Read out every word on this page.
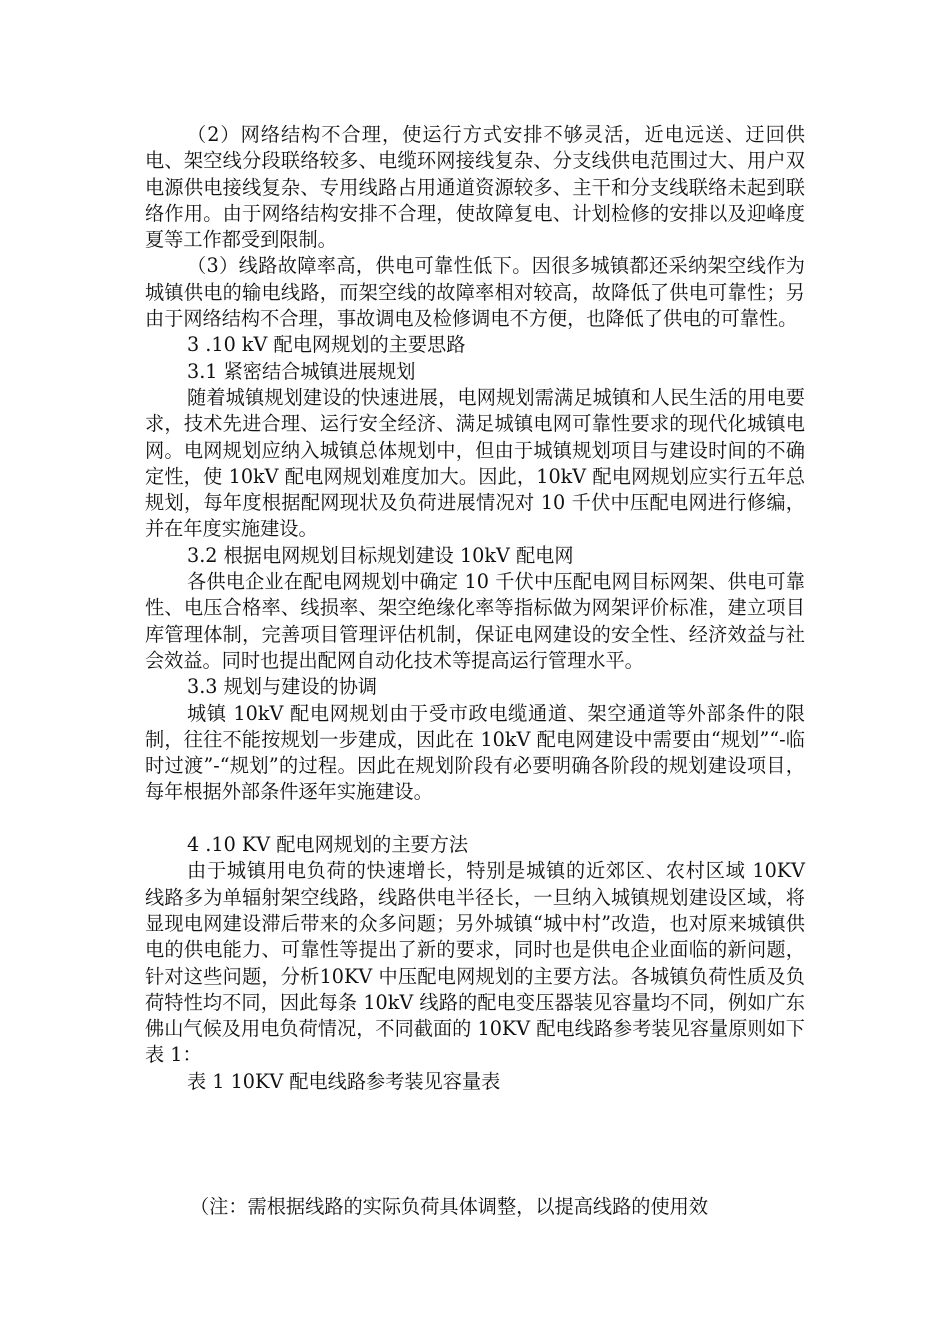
（2）网络结构不合理，使运行方式安排不够灵活，近电远送、迂回供电、架空线分段联络较多、电缆环网接线复杂、分支线供电范围过大、用户双电源供电接线复杂、专用线路占用通道资源较多、主干和分支线联络未起到联络作用。由于网络结构安排不合理，使故障复电、计划检修的安排以及迎峰度夏等工作都受到限制。

（3）线路故障率高，供电可靠性低下。因很多城镇都还采纳架空线作为城镇供电的输电线路，而架空线的故障率相对较高，故降低了供电可靠性；另由于网络结构不合理，事故调电及检修调电不方便，也降低了供电的可靠性。

3 .10 kV 配电网规划的主要思路

3.1 紧密结合城镇进展规划

随着城镇规划建设的快速进展，电网规划需满足城镇和人民生活的用电要求，技术先进合理、运行安全经济、满足城镇电网可靠性要求的现代化城镇电网。电网规划应纳入城镇总体规划中，但由于城镇规划项目与建设时间的不确定性，使 10kV 配电网规划难度加大。因此，10kV 配电网规划应实行五年总规划，每年度根据配网现状及负荷进展情况对 10 千伏中压配电网进行修编，并在年度实施建设。

3.2 根据电网规划目标规划建设 10kV 配电网

各供电企业在配电网规划中确定 10 千伏中压配电网目标网架、供电可靠性、电压合格率、线损率、架空绝缘化率等指标做为网架评价标准，建立项目库管理体制，完善项目管理评估机制，保证电网建设的安全性、经济效益与社会效益。同时也提出配网自动化技术等提高运行管理水平。

3.3 规划与建设的协调

城镇 10kV 配电网规划由于受市政电缆通道、架空通道等外部条件的限制，往往不能按规划一步建成，因此在 10kV 配电网建设中需要由“规划”“-临时过渡”-“规划”的过程。因此在规划阶段有必要明确各阶段的规划建设项目，每年根据外部条件逐年实施建设。

4 .10 KV 配电网规划的主要方法

由于城镇用电负荷的快速增长，特别是城镇的近郊区、农村区域 10KV 线路多为单辐射架空线路，线路供电半径长，一旦纳入城镇规划建设区域，将显现电网建设滞后带来的众多问题；另外城镇“城中村”改造，也对原来城镇供电的供电能力、可靠性等提出了新的要求，同时也是供电企业面临的新问题，针对这些问题，分析10KV 中压配电网规划的主要方法。各城镇负荷性质及负荷特性均不同，因此每条 10kV 线路的配电变压器装见容量均不同，例如广东佛山气候及用电负荷情况，不同截面的 10KV 配电线路参考装见容量原则如下表 1：

表 1 10KV 配电线路参考装见容量表

（注：需根据线路的实际负荷具体调整，以提高线路的使用效
